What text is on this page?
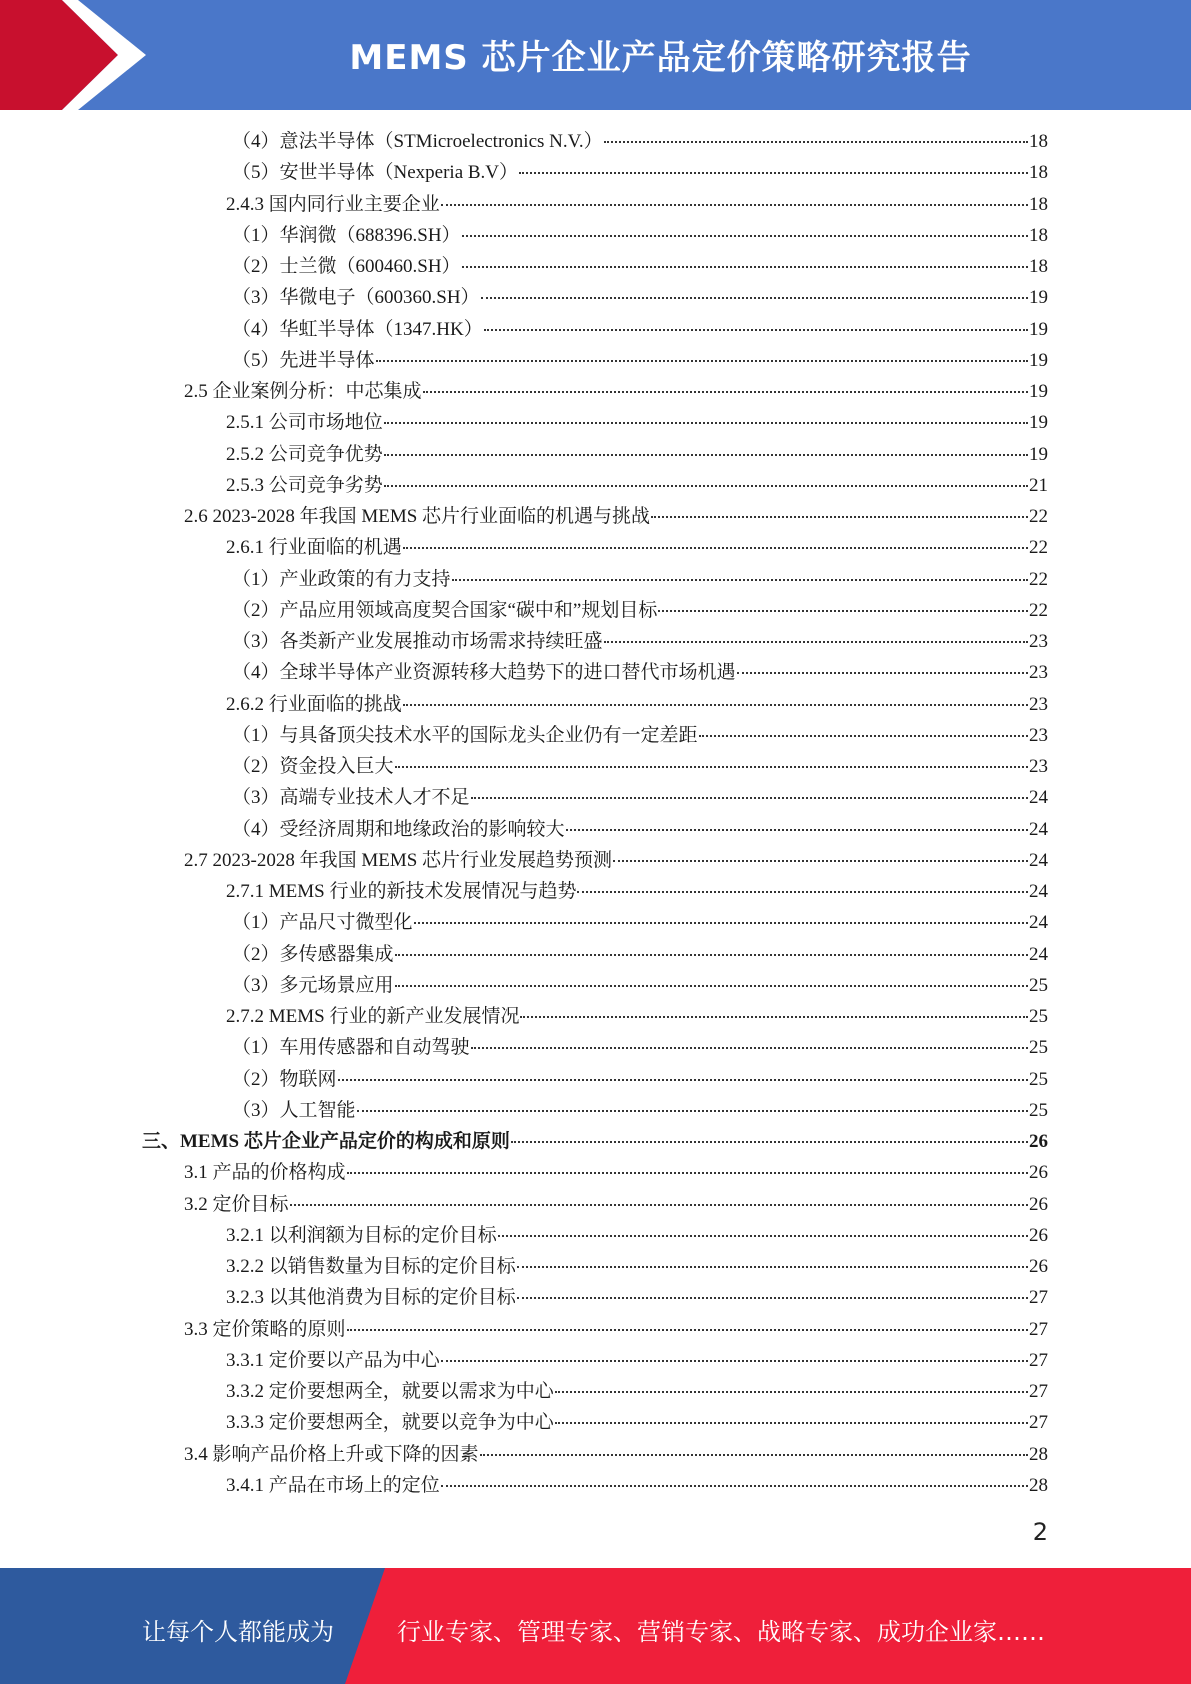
MEMS 芯片企业产品定价策略研究报告
（4）意法半导体（STMicroelectronics N.V.）	18
（5）安世半导体（Nexperia B.V）	18
2.4.3 国内同行业主要企业	18
（1）华润微（688396.SH）	18
（2）士兰微（600460.SH）	18
（3）华微电子（600360.SH）	19
（4）华虹半导体（1347.HK）	19
（5）先进半导体	19
2.5 企业案例分析：中芯集成	19
2.5.1 公司市场地位	19
2.5.2 公司竞争优势	19
2.5.3 公司竞争劣势	21
2.6 2023-2028 年我国 MEMS 芯片行业面临的机遇与挑战	22
2.6.1 行业面临的机遇	22
（1）产业政策的有力支持	22
（2）产品应用领域高度契合国家“碳中和”规划目标	22
（3）各类新产业发展推动市场需求持续旺盛	23
（4）全球半导体产业资源转移大趋势下的进口替代市场机遇	23
2.6.2 行业面临的挑战	23
（1）与具备顶尖技术水平的国际龙头企业仍有一定差距	23
（2）资金投入巨大	23
（3）高端专业技术人才不足	24
（4）受经济周期和地缘政治的影响较大	24
2.7 2023-2028 年我国 MEMS 芯片行业发展趋势预测	24
2.7.1 MEMS 行业的新技术发展情况与趋势	24
（1）产品尺寸微型化	24
（2）多传感器集成	24
（3）多元场景应用	25
2.7.2 MEMS 行业的新产业发展情况	25
（1）车用传感器和自动驾驶	25
（2）物联网	25
（3）人工智能	25
三、MEMS 芯片企业产品定价的构成和原则	26
3.1 产品的价格构成	26
3.2 定价目标	26
3.2.1 以利润额为目标的定价目标	26
3.2.2 以销售数量为目标的定价目标	26
3.2.3 以其他消费为目标的定价目标	27
3.3 定价策略的原则	27
3.3.1 定价要以产品为中心	27
3.3.2 定价要想两全，就要以需求为中心	27
3.3.3 定价要想两全，就要以竞争为中心	27
3.4 影响产品价格上升或下降的因素	28
3.4.1 产品在市场上的定位	28
2
让每个人都能成为	行业专家、管理专家、营销专家、战略专家、成功企业家……
